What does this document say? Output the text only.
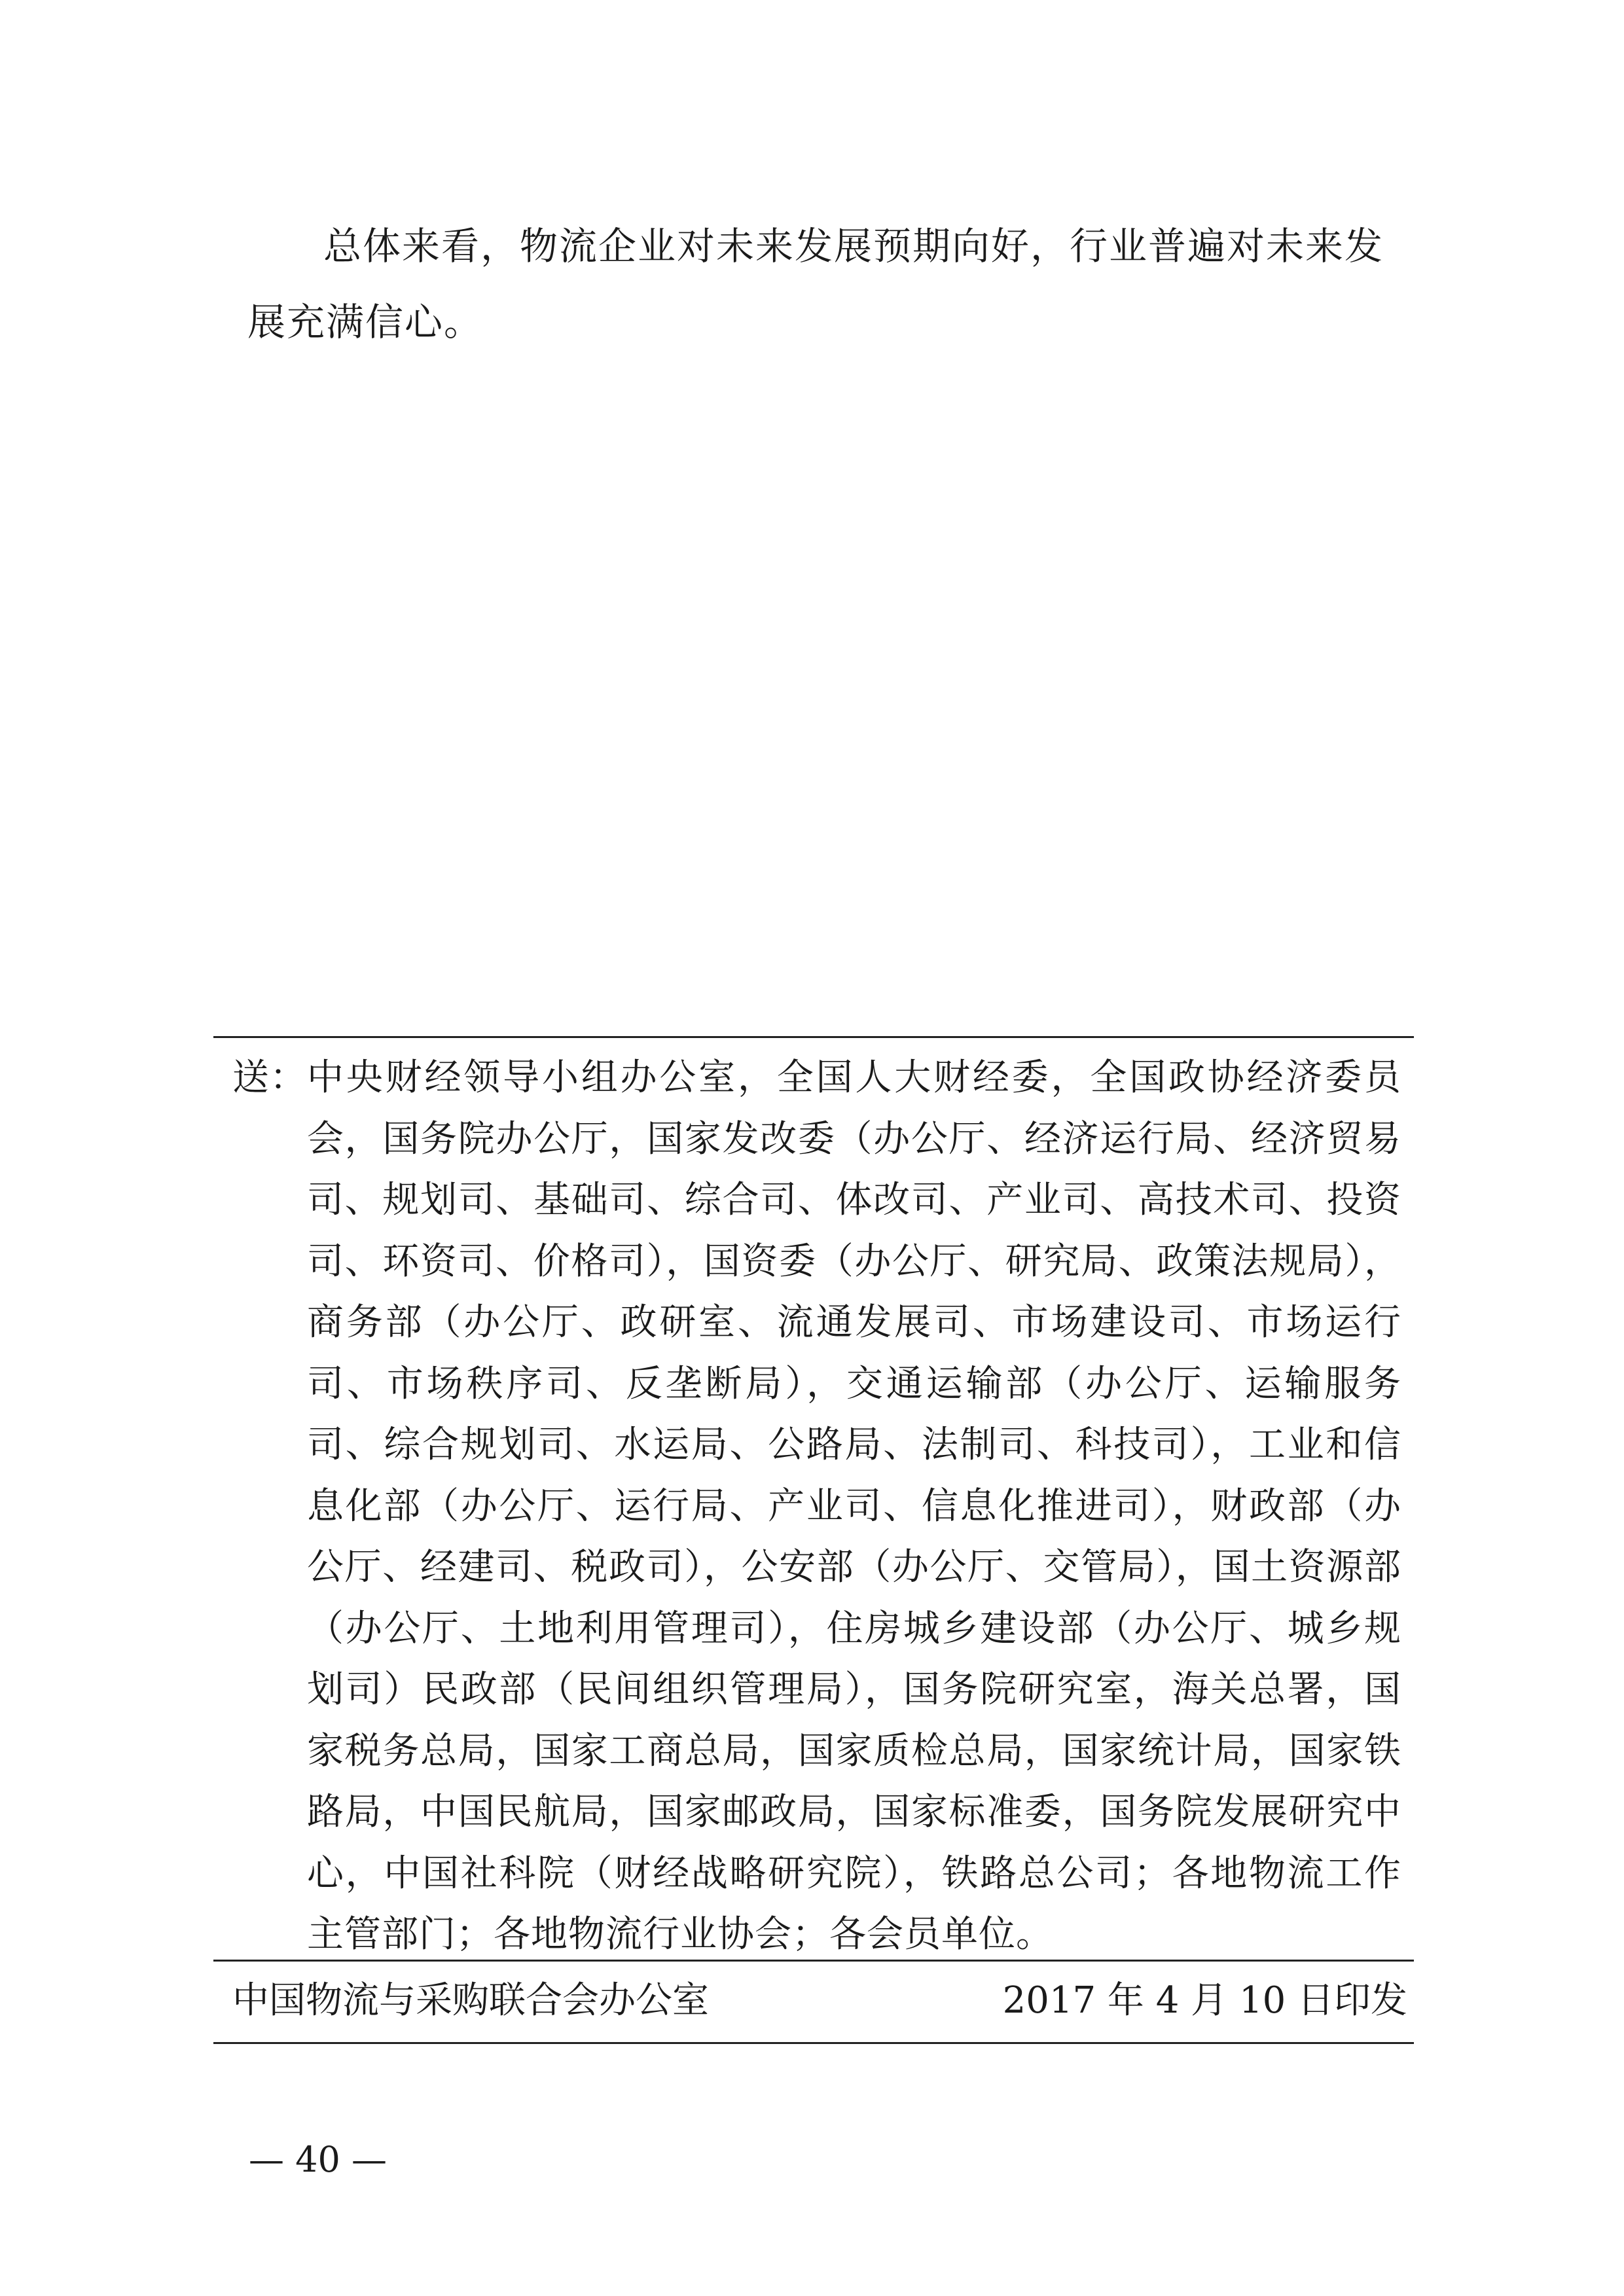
总体来看，物流企业对未来发展预期向好，行业普遍对未来发展充满信心。

送： 中央财经领导小组办公室，全国人大财经委，全国政协经济委员会，国务院办公厅，国家发改委（办公厅、经济运行局、经济贸易司、规划司、基础司、综合司、体改司、产业司、高技术司、投资司、环资司、价格司），国资委（办公厅、研究局、政策法规局），商务部（办公厅、政研室、流通发展司、市场建设司、市场运行司、市场秩序司、反垄断局），交通运输部（办公厅、运输服务司、综合规划司、水运局、公路局、法制司、科技司），工业和信息化部（办公厅、运行局、产业司、信息化推进司），财政部（办公厅、经建司、税政司），公安部（办公厅、交管局），国土资源部（办公厅、土地利用管理司），住房城乡建设部（办公厅、城乡规划司）民政部（民间组织管理局），国务院研究室，海关总署，国家税务总局，国家工商总局，国家质检总局，国家统计局，国家铁路局，中国民航局，国家邮政局，国家标准委，国务院发展研究中心，中国社科院（财经战略研究院），铁路总公司；各地物流工作主管部门；各地物流行业协会；各会员单位。
中国物流与采购联合会办公室	2017 年 4 月 10 日印发
— 40 —
